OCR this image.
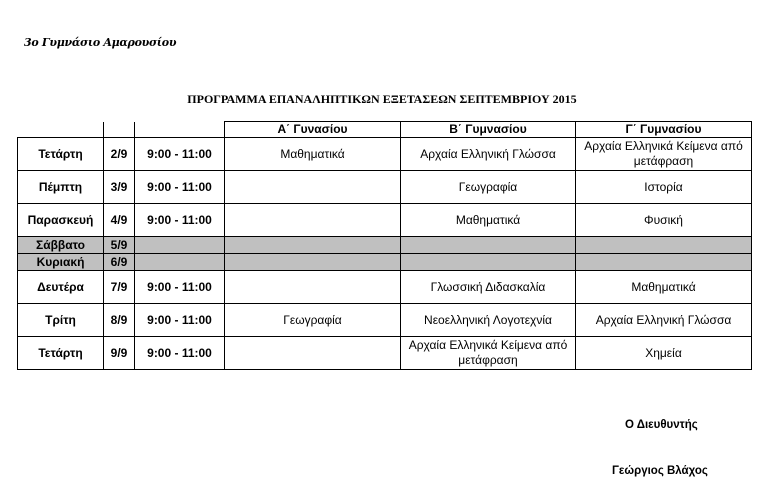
3ο Γυμνάσιο Αμαρουσίου
ΠΡΟΓΡΑΜΜΑ ΕΠΑΝΑΛΗΠΤΙΚΩΝ ΕΞΕΤΑΣΕΩΝ ΣΕΠΤΕΜΒΡΙΟΥ 2015
			Α΄ Γυνασίου	Β΄ Γυμνασίου	Γ΄ Γυμνασίου
Τετάρτη	2/9	9:00 - 11:00	Μαθηματικά	Αρχαία Ελληνική Γλώσσα	Αρχαία Ελληνικά Κείμενα από μετάφραση
Πέμπτη	3/9	9:00 - 11:00		Γεωγραφία	Ιστορία
Παρασκευή	4/9	9:00 - 11:00		Μαθηματικά	Φυσική
Σάββατο	5/9				
Κυριακή	6/9				
Δευτέρα	7/9	9:00 - 11:00		Γλωσσική Διδασκαλία	Μαθηματικά
Τρίτη	8/9	9:00 - 11:00	Γεωγραφία	Νεοελληνική Λογοτεχνία	Αρχαία Ελληνική Γλώσσα
Τετάρτη	9/9	9:00 - 11:00		Αρχαία Ελληνικά Κείμενα από μετάφραση	Χημεία
Ο Διευθυντής
Γεώργιος Βλάχος
